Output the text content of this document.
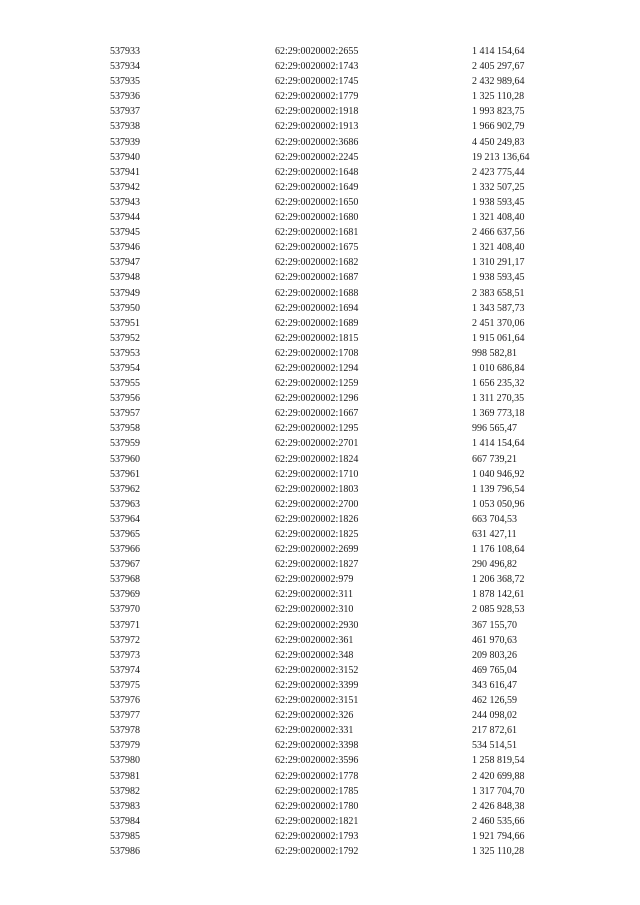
537933	62:29:0020002:2655	1 414 154,64
537934	62:29:0020002:1743	2 405 297,67
537935	62:29:0020002:1745	2 432 989,64
537936	62:29:0020002:1779	1 325 110,28
537937	62:29:0020002:1918	1 993 823,75
537938	62:29:0020002:1913	1 966 902,79
537939	62:29:0020002:3686	4 450 249,83
537940	62:29:0020002:2245	19 213 136,64
537941	62:29:0020002:1648	2 423 775,44
537942	62:29:0020002:1649	1 332 507,25
537943	62:29:0020002:1650	1 938 593,45
537944	62:29:0020002:1680	1 321 408,40
537945	62:29:0020002:1681	2 466 637,56
537946	62:29:0020002:1675	1 321 408,40
537947	62:29:0020002:1682	1 310 291,17
537948	62:29:0020002:1687	1 938 593,45
537949	62:29:0020002:1688	2 383 658,51
537950	62:29:0020002:1694	1 343 587,73
537951	62:29:0020002:1689	2 451 370,06
537952	62:29:0020002:1815	1 915 061,64
537953	62:29:0020002:1708	998 582,81
537954	62:29:0020002:1294	1 010 686,84
537955	62:29:0020002:1259	1 656 235,32
537956	62:29:0020002:1296	1 311 270,35
537957	62:29:0020002:1667	1 369 773,18
537958	62:29:0020002:1295	996 565,47
537959	62:29:0020002:2701	1 414 154,64
537960	62:29:0020002:1824	667 739,21
537961	62:29:0020002:1710	1 040 946,92
537962	62:29:0020002:1803	1 139 796,54
537963	62:29:0020002:2700	1 053 050,96
537964	62:29:0020002:1826	663 704,53
537965	62:29:0020002:1825	631 427,11
537966	62:29:0020002:2699	1 176 108,64
537967	62:29:0020002:1827	290 496,82
537968	62:29:0020002:979	1 206 368,72
537969	62:29:0020002:311	1 878 142,61
537970	62:29:0020002:310	2 085 928,53
537971	62:29:0020002:2930	367 155,70
537972	62:29:0020002:361	461 970,63
537973	62:29:0020002:348	209 803,26
537974	62:29:0020002:3152	469 765,04
537975	62:29:0020002:3399	343 616,47
537976	62:29:0020002:3151	462 126,59
537977	62:29:0020002:326	244 098,02
537978	62:29:0020002:331	217 872,61
537979	62:29:0020002:3398	534 514,51
537980	62:29:0020002:3596	1 258 819,54
537981	62:29:0020002:1778	2 420 699,88
537982	62:29:0020002:1785	1 317 704,70
537983	62:29:0020002:1780	2 426 848,38
537984	62:29:0020002:1821	2 460 535,66
537985	62:29:0020002:1793	1 921 794,66
537986	62:29:0020002:1792	1 325 110,28
